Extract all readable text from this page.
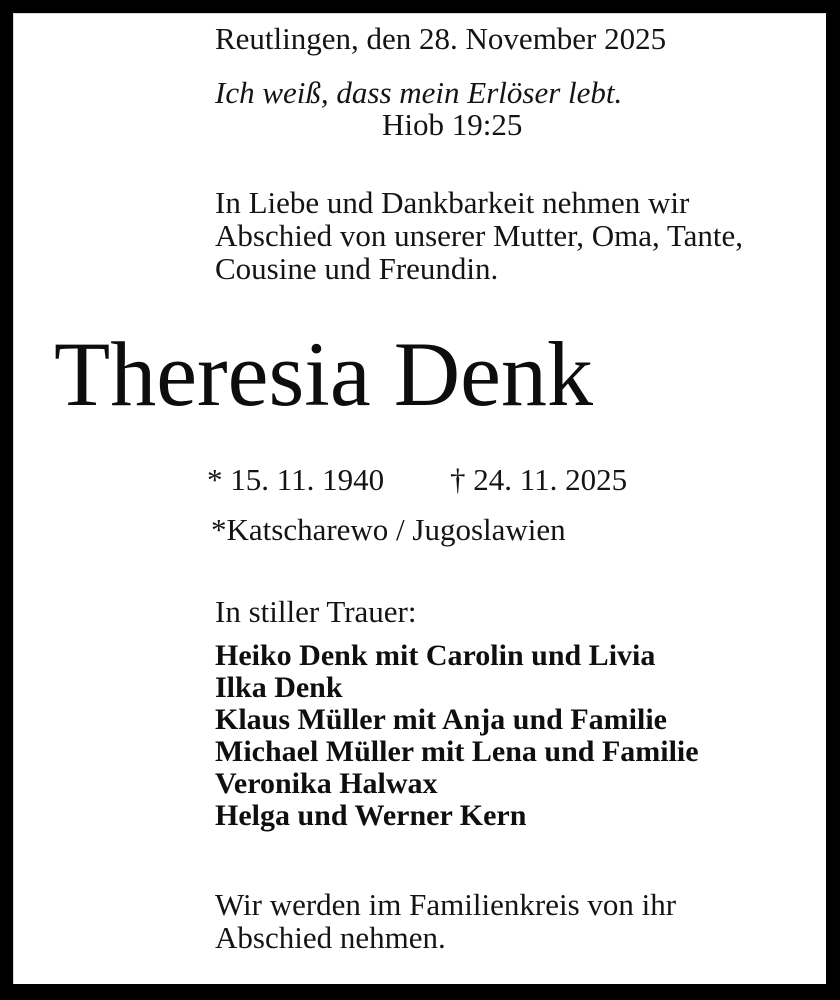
Reutlingen, den 28. November 2025
Ich weiß, dass mein Erlöser lebt.
Hiob 19:25
In Liebe und Dankbarkeit nehmen wir
Abschied von unserer Mutter, Oma, Tante,
Cousine und Freundin.
Theresia Denk
* 15. 11. 1940 † 24. 11. 2025
*Katscharewo / Jugoslawien
In stiller Trauer:
Heiko Denk mit Carolin und Livia
Ilka Denk
Klaus Müller mit Anja und Familie
Michael Müller mit Lena und Familie
Veronika Halwax
Helga und Werner Kern
Wir werden im Familienkreis von ihr
Abschied nehmen.
